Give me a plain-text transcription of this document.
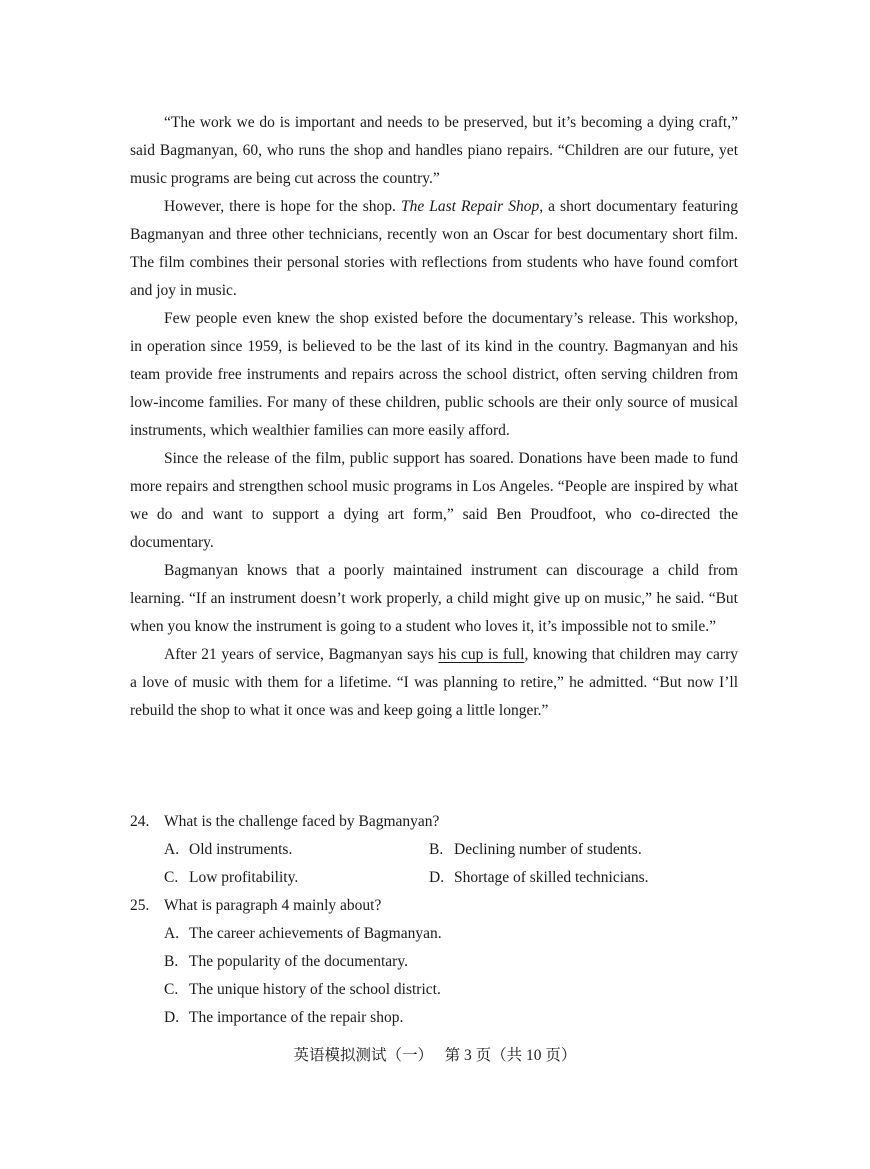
“The work we do is important and needs to be preserved, but it’s becoming a dying craft,” said Bagmanyan, 60, who runs the shop and handles piano repairs. “Children are our future, yet music programs are being cut across the country.”

However, there is hope for the shop. The Last Repair Shop, a short documentary featuring Bagmanyan and three other technicians, recently won an Oscar for best documentary short film. The film combines their personal stories with reflections from students who have found comfort and joy in music.

Few people even knew the shop existed before the documentary’s release. This workshop, in operation since 1959, is believed to be the last of its kind in the country. Bagmanyan and his team provide free instruments and repairs across the school district, often serving children from low-income families. For many of these children, public schools are their only source of musical instruments, which wealthier families can more easily afford.

Since the release of the film, public support has soared. Donations have been made to fund more repairs and strengthen school music programs in Los Angeles. “People are inspired by what we do and want to support a dying art form,” said Ben Proudfoot, who co-directed the documentary.

Bagmanyan knows that a poorly maintained instrument can discourage a child from learning. “If an instrument doesn’t work properly, a child might give up on music,” he said. “But when you know the instrument is going to a student who loves it, it’s impossible not to smile.”

After 21 years of service, Bagmanyan says his cup is full, knowing that children may carry a love of music with them for a lifetime. “I was planning to retire,” he admitted. “But now I’ll rebuild the shop to what it once was and keep going a little longer.”

24. What is the challenge faced by Bagmanyan?
A. Old instruments.	B. Declining number of students.
C. Low profitability.	D. Shortage of skilled technicians.
25. What is paragraph 4 mainly about?
A. The career achievements of Bagmanyan.
B. The popularity of the documentary.
C. The unique history of the school district.
D. The importance of the repair shop.
英语模拟测试（一）   第 3 页（共 10 页）
